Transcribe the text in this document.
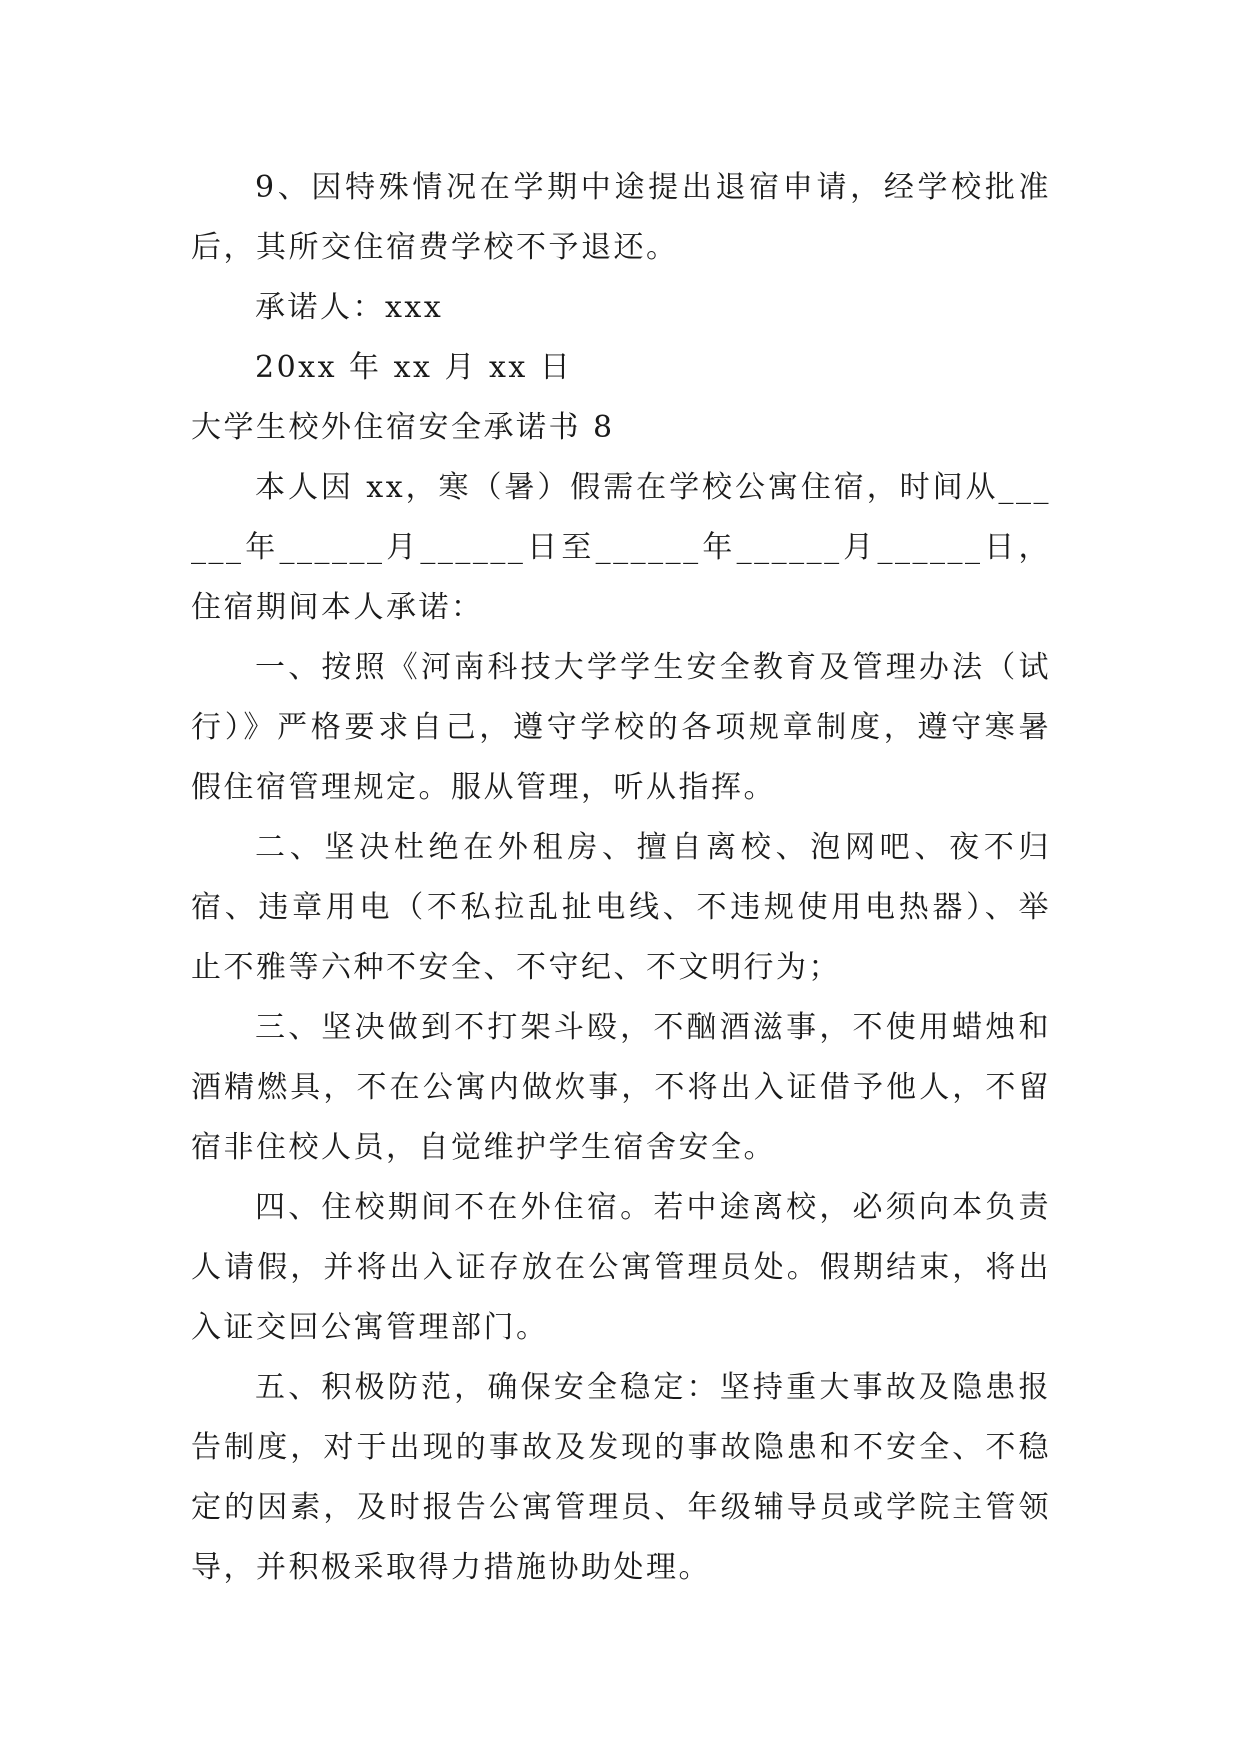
9、因特殊情况在学期中途提出退宿申请，经学校批准后，其所交住宿费学校不予退还。

承诺人：xxx

20xx 年 xx 月 xx 日

大学生校外住宿安全承诺书 8

本人因 xx，寒（暑）假需在学校公寓住宿，时间从______年______月______日至______年______月______日，住宿期间本人承诺：

一、按照《河南科技大学学生安全教育及管理办法（试行）》严格要求自己，遵守学校的各项规章制度，遵守寒暑假住宿管理规定。服从管理，听从指挥。

二、坚决杜绝在外租房、擅自离校、泡网吧、夜不归宿、违章用电（不私拉乱扯电线、不违规使用电热器）、举止不雅等六种不安全、不守纪、不文明行为；

三、坚决做到不打架斗殴，不酗酒滋事，不使用蜡烛和酒精燃具，不在公寓内做炊事，不将出入证借予他人，不留宿非住校人员，自觉维护学生宿舍安全。

四、住校期间不在外住宿。若中途离校，必须向本负责人请假，并将出入证存放在公寓管理员处。假期结束，将出入证交回公寓管理部门。

五、积极防范，确保安全稳定：坚持重大事故及隐患报告制度，对于出现的事故及发现的事故隐患和不安全、不稳定的因素，及时报告公寓管理员、年级辅导员或学院主管领导，并积极采取得力措施协助处理。
